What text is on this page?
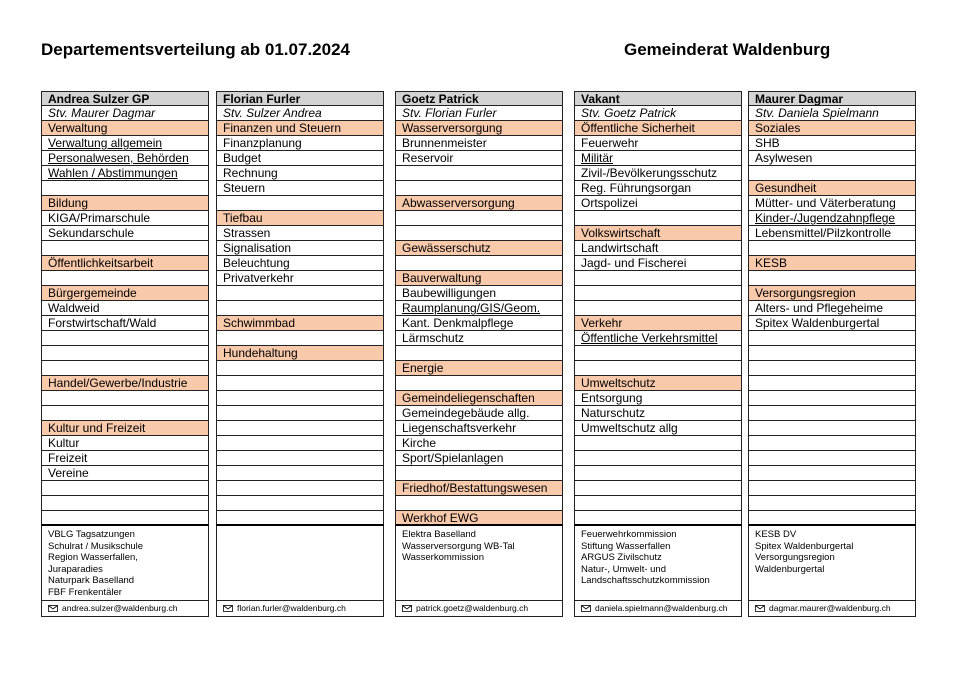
Departementsverteilung ab 01.07.2024	Gemeinderat Waldenburg
Andrea Sulzer GP
Stv. Maurer Dagmar
Verwaltung
Verwaltung allgemein
Personalwesen, Behörden
Wahlen / Abstimmungen
Bildung
KIGA/Primarschule
Sekundarschule
Öffentlichkeitsarbeit
Bürgergemeinde
Waldweid
Forstwirtschaft/Wald
Handel/Gewerbe/Industrie
Kultur und Freizeit
Kultur
Freizeit
Vereine
VBLG Tagsatzungen
Schulrat / Musikschule
Region Wasserfallen,
Juraparadies
Naturpark Baselland
FBF Frenkentäler
andrea.sulzer@waldenburg.ch
Florian Furler
Stv. Sulzer Andrea
Finanzen und Steuern
Finanzplanung
Budget
Rechnung
Steuern
Tiefbau
Strassen
Signalisation
Beleuchtung
Privatverkehr
Schwimmbad
Hundehaltung
florian.furler@waldenburg.ch
Goetz Patrick
Stv. Florian Furler
Wasserversorgung
Brunnenmeister
Reservoir
Abwasserversorgung
Gewässerschutz
Bauverwaltung
Baubewilligungen
Raumplanung/GIS/Geom.
Kant. Denkmalpflege
Lärmschutz
Energie
Gemeindeliegenschaften
Gemeindegebäude allg.
Liegenschaftsverkehr
Kirche
Sport/Spielanlagen
Friedhof/Bestattungswesen
Werkhof EWG
Elektra Baselland
Wasserversorgung WB-Tal
Wasserkommission
patrick.goetz@waldenburg.ch
Vakant
Stv. Goetz Patrick
Öffentliche Sicherheit
Feuerwehr
Militär
Zivil-/Bevölkerungsschutz
Reg. Führungsorgan
Ortspolizei
Volkswirtschaft
Landwirtschaft
Jagd- und Fischerei
Verkehr
Öffentliche Verkehrsmittel
Umweltschutz
Entsorgung
Naturschutz
Umweltschutz allg
Feuerwehrkommission
Stiftung Wasserfallen
ARGUS Zivilschutz
Natur-, Umwelt- und
Landschaftsschutzkommission
daniela.spielmann@waldenburg.ch
Maurer Dagmar
Stv. Daniela Spielmann
Soziales
SHB
Asylwesen
Gesundheit
Mütter- und Väterberatung
Kinder-/Jugendzahnpflege
Lebensmittel/Pilzkontrolle
KESB
Versorgungsregion
Alters- und Pflegeheime
Spitex Waldenburgertal
KESB DV
Spitex Waldenburgertal
Versorgungsregion
Waldenburgertal
dagmar.maurer@waldenburg.ch
